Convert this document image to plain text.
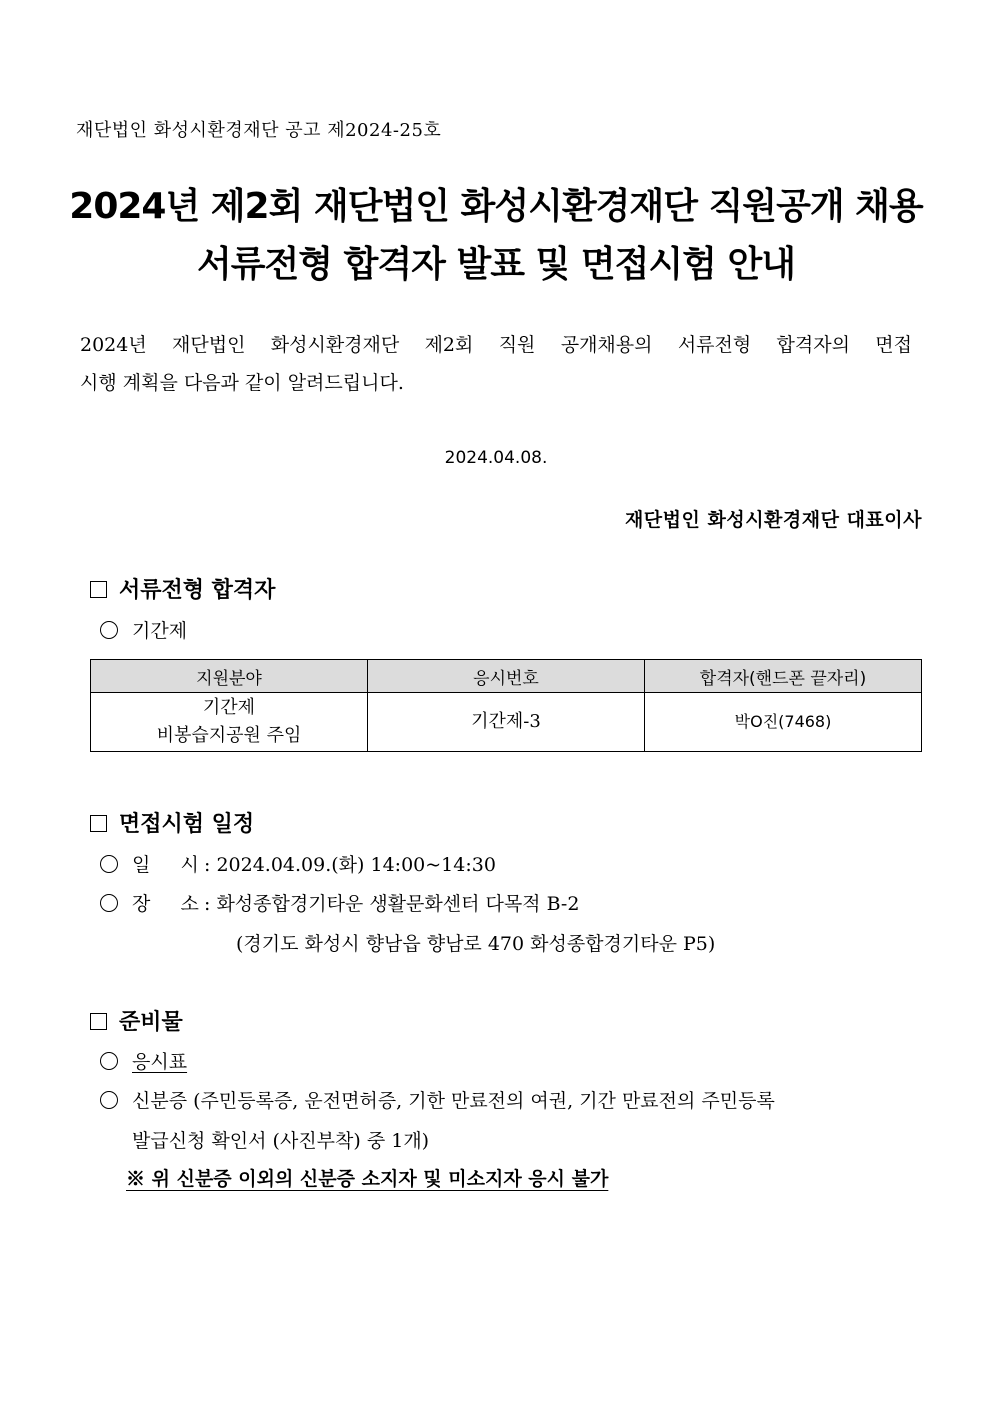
재단법인 화성시환경재단 공고 제2024-25호
2024년 제2회 재단법인 화성시환경재단 직원공개 채용
서류전형 합격자 발표 및 면접시험 안내
2024년 재단법인 화성시환경재단 제2회 직원 공개채용의 서류전형 합격자의 면접
시행 계획을 다음과 같이 알려드립니다.
2024.04.08.
재단법인 화성시환경재단 대표이사
서류전형 합격자
기간제
지원분야	응시번호	합격자(핸드폰 끝자리)

기간제
비봉습지공원 주임	기간제-3	박O진(7468)
면접시험 일정
일     시 : 2024.04.09.(화) 14:00~14:30
장     소 : 화성종합경기타운 생활문화센터 다목적 B-2
(경기도 화성시 향남읍 향남로 470 화성종합경기타운 P5)
준비물
응시표
신분증 (주민등록증, 운전면허증, 기한 만료전의 여권, 기간 만료전의 주민등록
발급신청 확인서 (사진부착) 중 1개)
※ 위 신분증 이외의 신분증 소지자 및 미소지자 응시 불가
